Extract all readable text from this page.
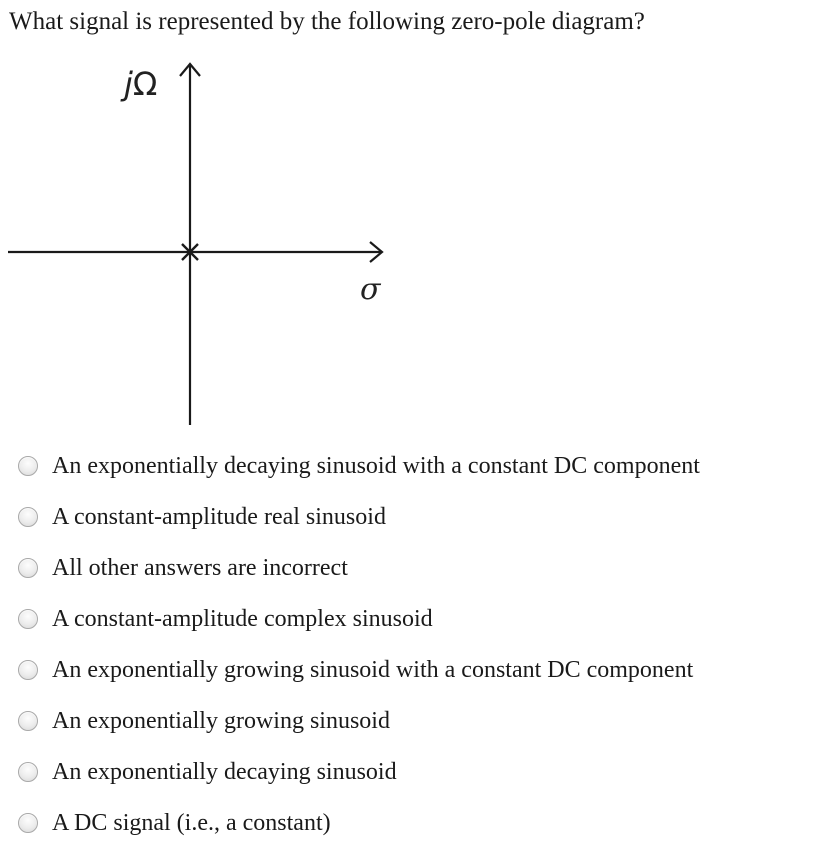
What signal is represented by the following zero-pole diagram?
jΩ
σ
An exponentially decaying sinusoid with a constant DC component
A constant-amplitude real sinusoid
All other answers are incorrect
A constant-amplitude complex sinusoid
An exponentially growing sinusoid with a constant DC component
An exponentially growing sinusoid
An exponentially decaying sinusoid
A DC signal (i.e., a constant)
